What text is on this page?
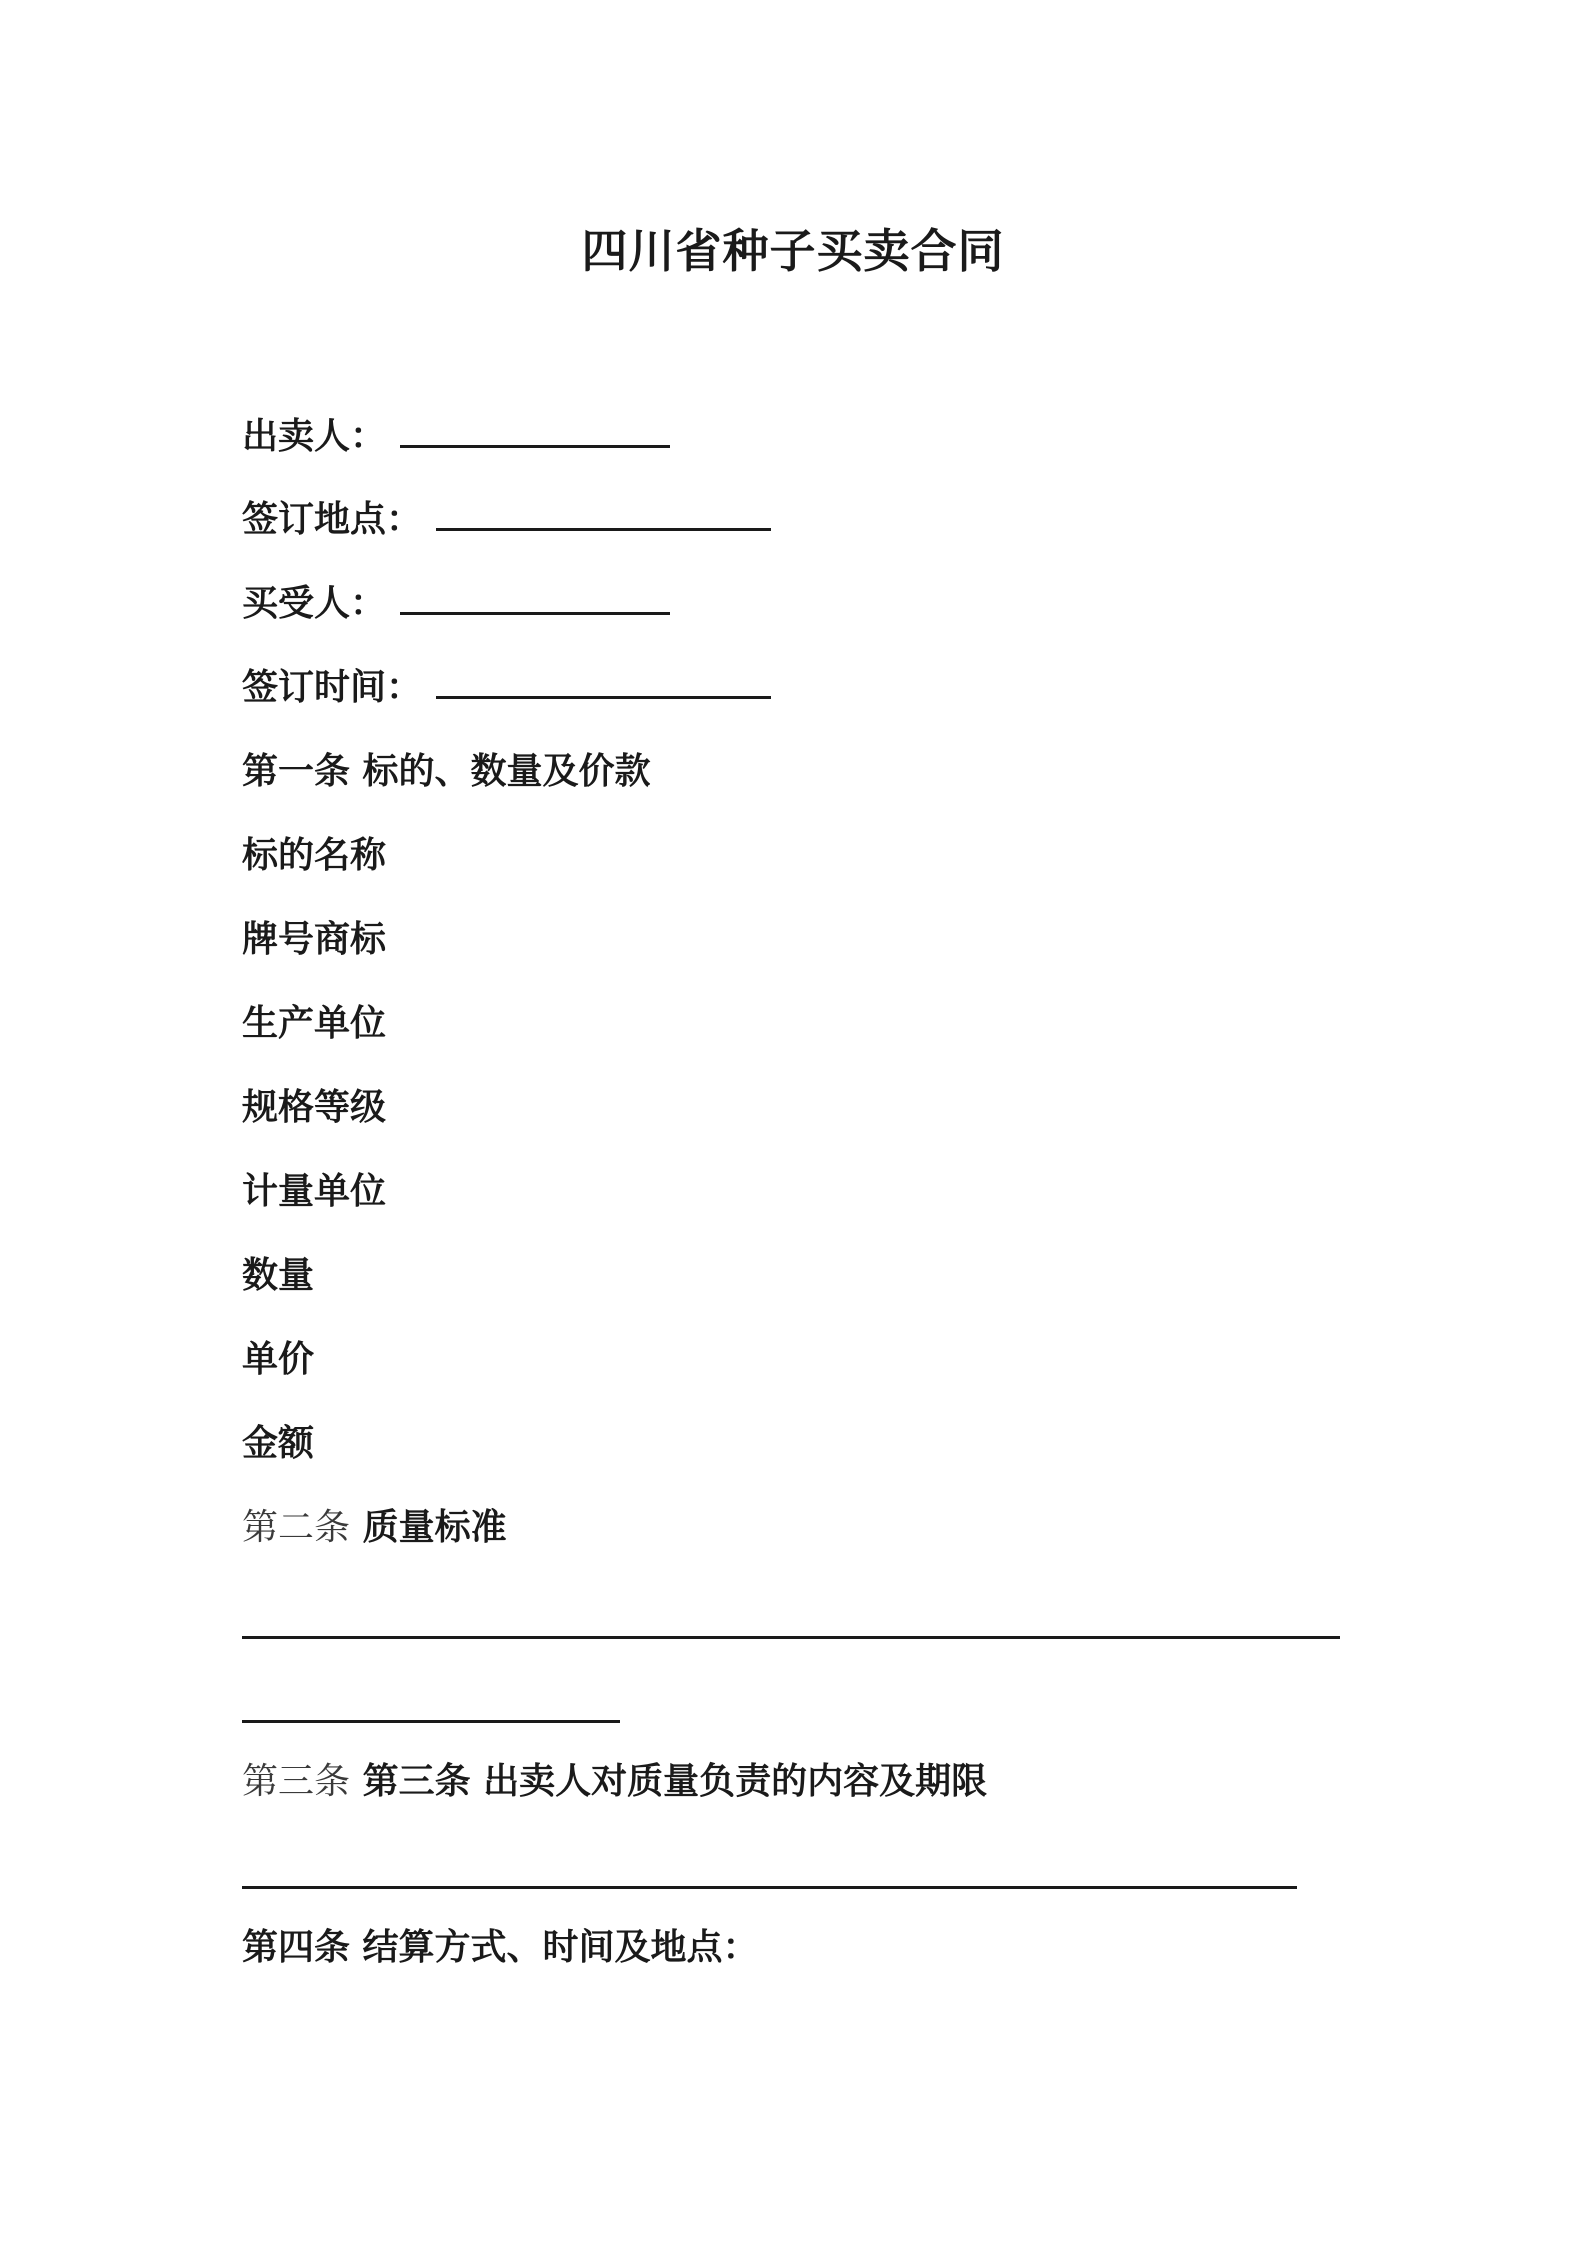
四川省种子买卖合同
出卖人：
签订地点：
买受人：
签订时间：
第一条 标的、数量及价款
标的名称
牌号商标
生产单位
规格等级
计量单位
数量
单价
金额
第二条 质量标准
第三条 第三条 出卖人对质量负责的内容及期限
第四条 结算方式、时间及地点：
